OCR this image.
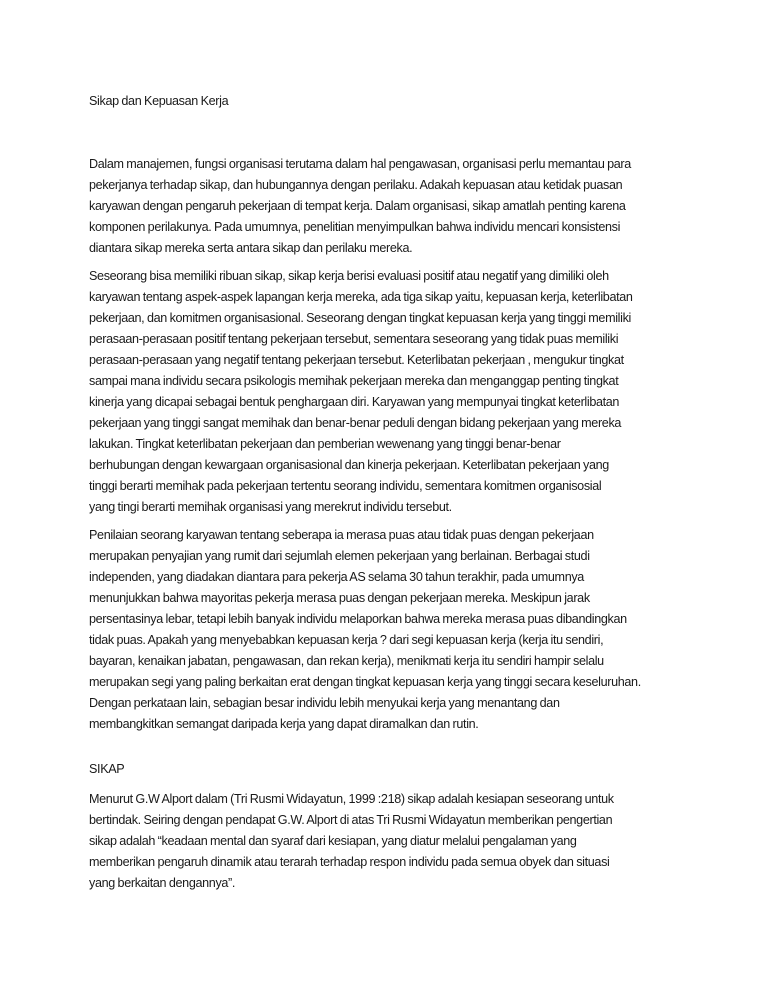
Sikap dan Kepuasan Kerja
Dalam manajemen, fungsi organisasi terutama dalam hal pengawasan, organisasi perlu memantau para
pekerjanya terhadap sikap, dan hubungannya dengan perilaku. Adakah kepuasan atau ketidak puasan
karyawan dengan pengaruh pekerjaan di tempat kerja. Dalam organisasi, sikap amatlah penting karena
komponen perilakunya. Pada umumnya, penelitian menyimpulkan bahwa individu mencari konsistensi
diantara sikap mereka serta antara sikap dan perilaku mereka.
Seseorang bisa memiliki ribuan sikap, sikap kerja berisi evaluasi positif atau negatif yang dimiliki oleh
karyawan tentang aspek-aspek lapangan kerja mereka, ada tiga sikap yaitu, kepuasan kerja, keterlibatan
pekerjaan, dan komitmen organisasional. Seseorang dengan tingkat kepuasan kerja yang tinggi memiliki
perasaan-perasaan positif tentang pekerjaan tersebut, sementara seseorang yang tidak puas memiliki
perasaan-perasaan yang negatif tentang pekerjaan tersebut. Keterlibatan pekerjaan , mengukur tingkat
sampai mana individu secara psikologis memihak pekerjaan mereka dan menganggap penting tingkat
kinerja yang dicapai sebagai bentuk penghargaan diri. Karyawan yang mempunyai tingkat keterlibatan
pekerjaan yang tinggi sangat memihak dan benar-benar peduli dengan bidang pekerjaan yang mereka
lakukan. Tingkat keterlibatan pekerjaan dan pemberian wewenang yang tinggi benar-benar
berhubungan dengan kewargaan organisasional dan kinerja pekerjaan. Keterlibatan pekerjaan yang
tinggi berarti memihak pada pekerjaan tertentu seorang individu, sementara komitmen organisosial
yang tingi berarti memihak organisasi yang merekrut individu tersebut.
Penilaian seorang karyawan tentang seberapa ia merasa puas atau tidak puas dengan pekerjaan
merupakan penyajian yang rumit dari sejumlah elemen pekerjaan yang berlainan. Berbagai studi
independen, yang diadakan diantara para pekerja AS selama 30 tahun terakhir, pada umumnya
menunjukkan bahwa mayoritas pekerja merasa puas dengan pekerjaan mereka. Meskipun jarak
persentasinya lebar, tetapi lebih banyak individu melaporkan bahwa mereka merasa puas dibandingkan
tidak puas. Apakah yang menyebabkan kepuasan kerja ? dari segi kepuasan kerja (kerja itu sendiri,
bayaran, kenaikan jabatan, pengawasan, dan rekan kerja), menikmati kerja itu sendiri hampir selalu
merupakan segi yang paling berkaitan erat dengan tingkat kepuasan kerja yang tinggi secara keseluruhan.
Dengan perkataan lain, sebagian besar individu lebih menyukai kerja yang menantang dan
membangkitkan semangat daripada kerja yang dapat diramalkan dan rutin.
SIKAP
Menurut G.W Alport dalam (Tri Rusmi Widayatun, 1999 :218) sikap adalah kesiapan seseorang untuk
bertindak. Seiring dengan pendapat G.W. Alport di atas Tri Rusmi Widayatun memberikan pengertian
sikap adalah “keadaan mental dan syaraf dari kesiapan, yang diatur melalui pengalaman yang
memberikan pengaruh dinamik atau terarah terhadap respon individu pada semua obyek dan situasi
yang berkaitan dengannya”.
